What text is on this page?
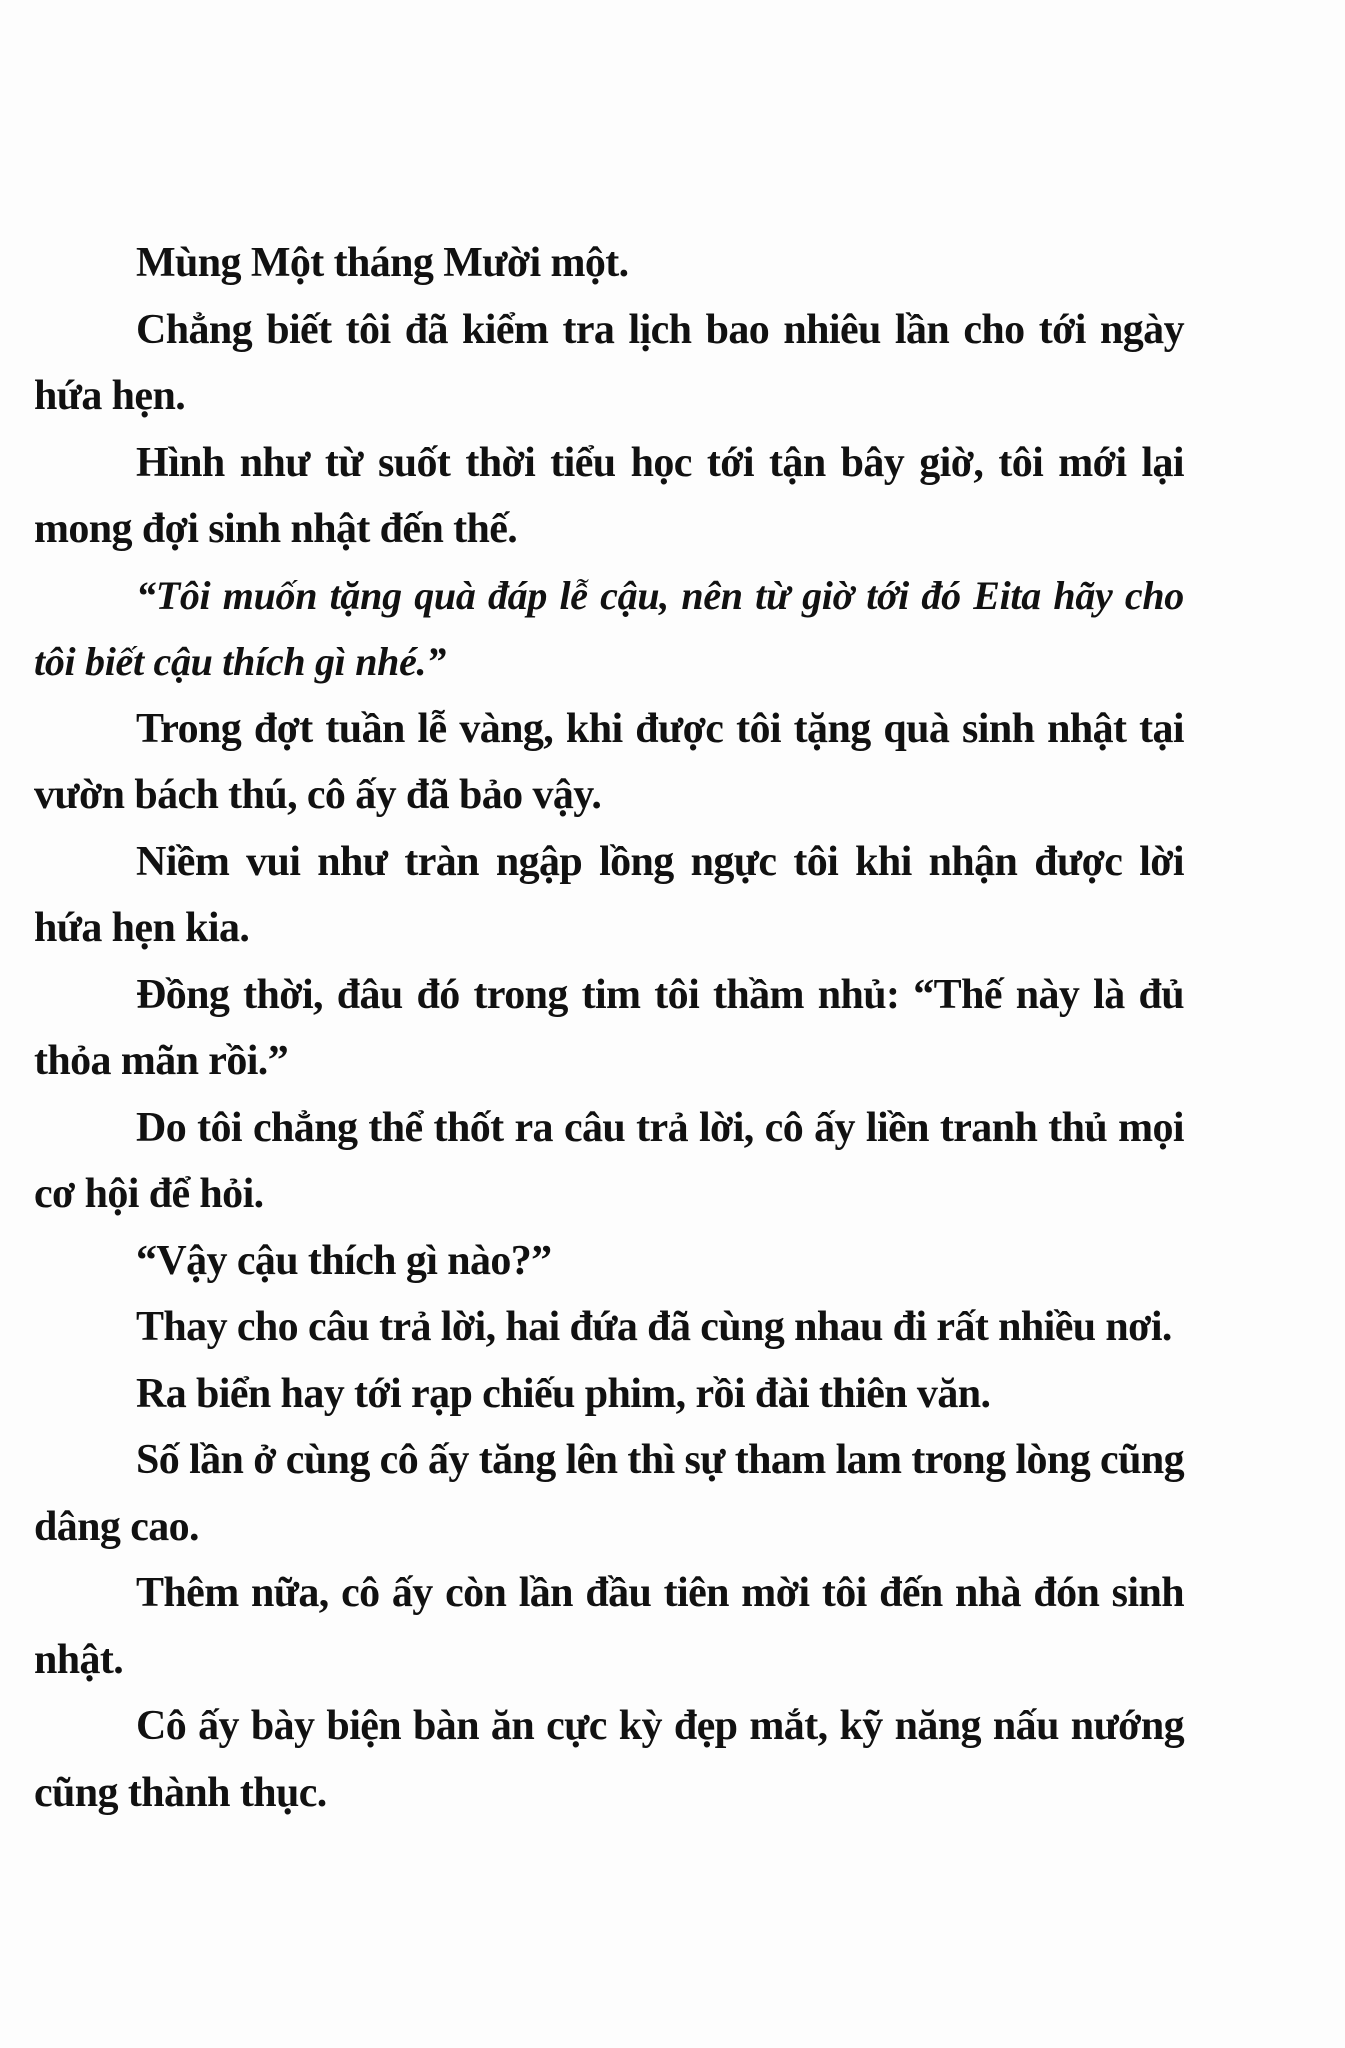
Mùng Một tháng Mười một.

Chẳng biết tôi đã kiểm tra lịch bao nhiêu lần cho tới ngày hứa hẹn.

Hình như từ suốt thời tiểu học tới tận bây giờ, tôi mới lại mong đợi sinh nhật đến thế.

“Tôi muốn tặng quà đáp lễ cậu, nên từ giờ tới đó Eita hãy cho tôi biết cậu thích gì nhé.”

Trong đợt tuần lễ vàng, khi được tôi tặng quà sinh nhật tại vườn bách thú, cô ấy đã bảo vậy.

Niềm vui như tràn ngập lồng ngực tôi khi nhận được lời hứa hẹn kia.

Đồng thời, đâu đó trong tim tôi thầm nhủ: “Thế này là đủ thỏa mãn rồi.”

Do tôi chẳng thể thốt ra câu trả lời, cô ấy liền tranh thủ mọi cơ hội để hỏi.

“Vậy cậu thích gì nào?”

Thay cho câu trả lời, hai đứa đã cùng nhau đi rất nhiều nơi.

Ra biển hay tới rạp chiếu phim, rồi đài thiên văn.

Số lần ở cùng cô ấy tăng lên thì sự tham lam trong lòng cũng dâng cao.

Thêm nữa, cô ấy còn lần đầu tiên mời tôi đến nhà đón sinh nhật.

Cô ấy bày biện bàn ăn cực kỳ đẹp mắt, kỹ năng nấu nướng cũng thành thục.
